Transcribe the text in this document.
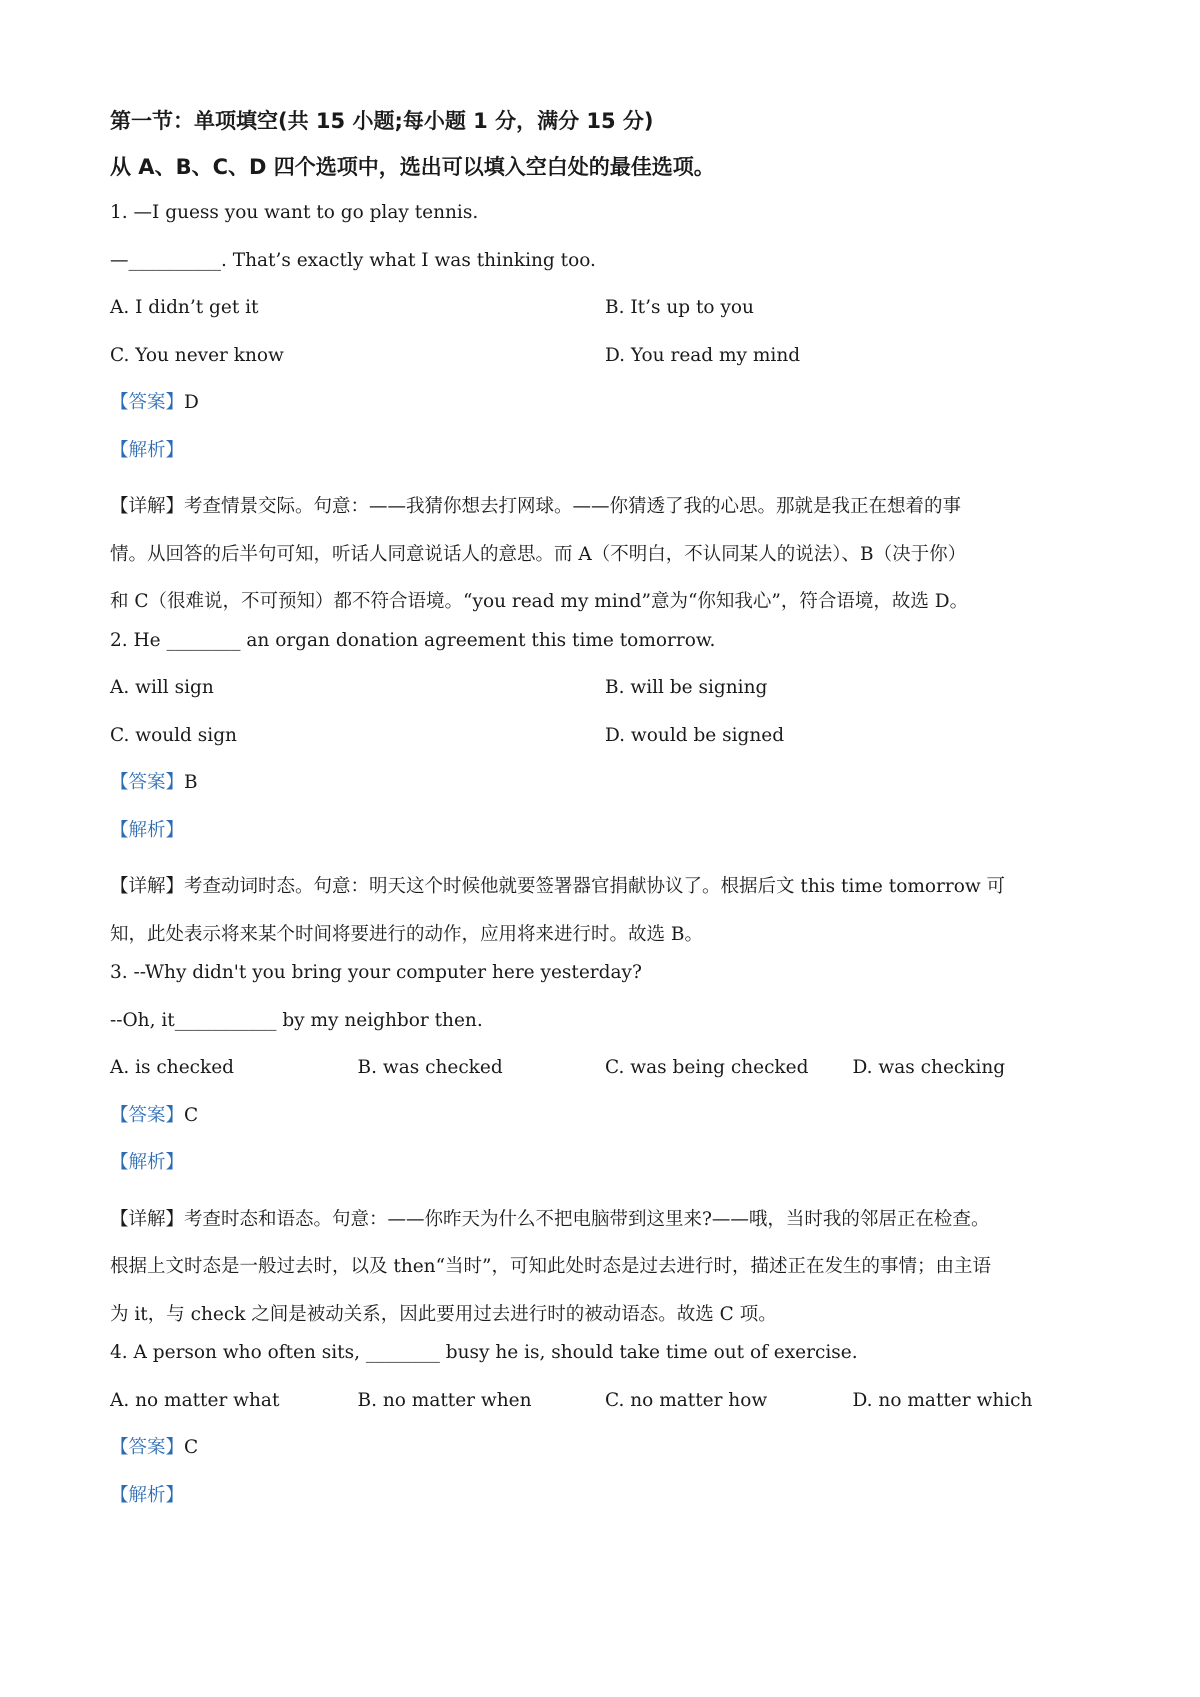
第一节：单项填空(共 15 小题;每小题 1 分，满分 15 分)
从 A、B、C、D 四个选项中，选出可以填入空白处的最佳选项。
1. —I guess you want to go play tennis.
—__________. That’s exactly what I was thinking too.
A. I didn’t get it	B. It’s up to you
C. You never know	D. You read my mind
【答案】D
【解析】
【详解】考查情景交际。句意：——我猜你想去打网球。——你猜透了我的心思。那就是我正在想着的事
情。从回答的后半句可知，听话人同意说话人的意思。而 A（不明白，不认同某人的说法）、B（决于你）
和 C（很难说，不可预知）都不符合语境。“you read my mind”意为“你知我心”，符合语境，故选 D。
2. He ________ an organ donation agreement this time tomorrow.
A. will sign	B. will be signing
C. would sign	D. would be signed
【答案】B
【解析】
【详解】考查动词时态。句意：明天这个时候他就要签署器官捐献协议了。根据后文 this time tomorrow 可
知，此处表示将来某个时间将要进行的动作，应用将来进行时。故选 B。
3. --Why didn't you bring your computer here yesterday?
--Oh, it___________ by my neighbor then.
A. is checked	B. was checked	C. was being checked	D. was checking
【答案】C
【解析】
【详解】考查时态和语态。句意：——你昨天为什么不把电脑带到这里来?——哦，当时我的邻居正在检查。
根据上文时态是一般过去时，以及 then“当时”，可知此处时态是过去进行时，描述正在发生的事情；由主语
为 it，与 check 之间是被动关系，因此要用过去进行时的被动语态。故选 C 项。
4. A person who often sits, ________ busy he is, should take time out of exercise.
A. no matter what	B. no matter when	C. no matter how	D. no matter which
【答案】C
【解析】
